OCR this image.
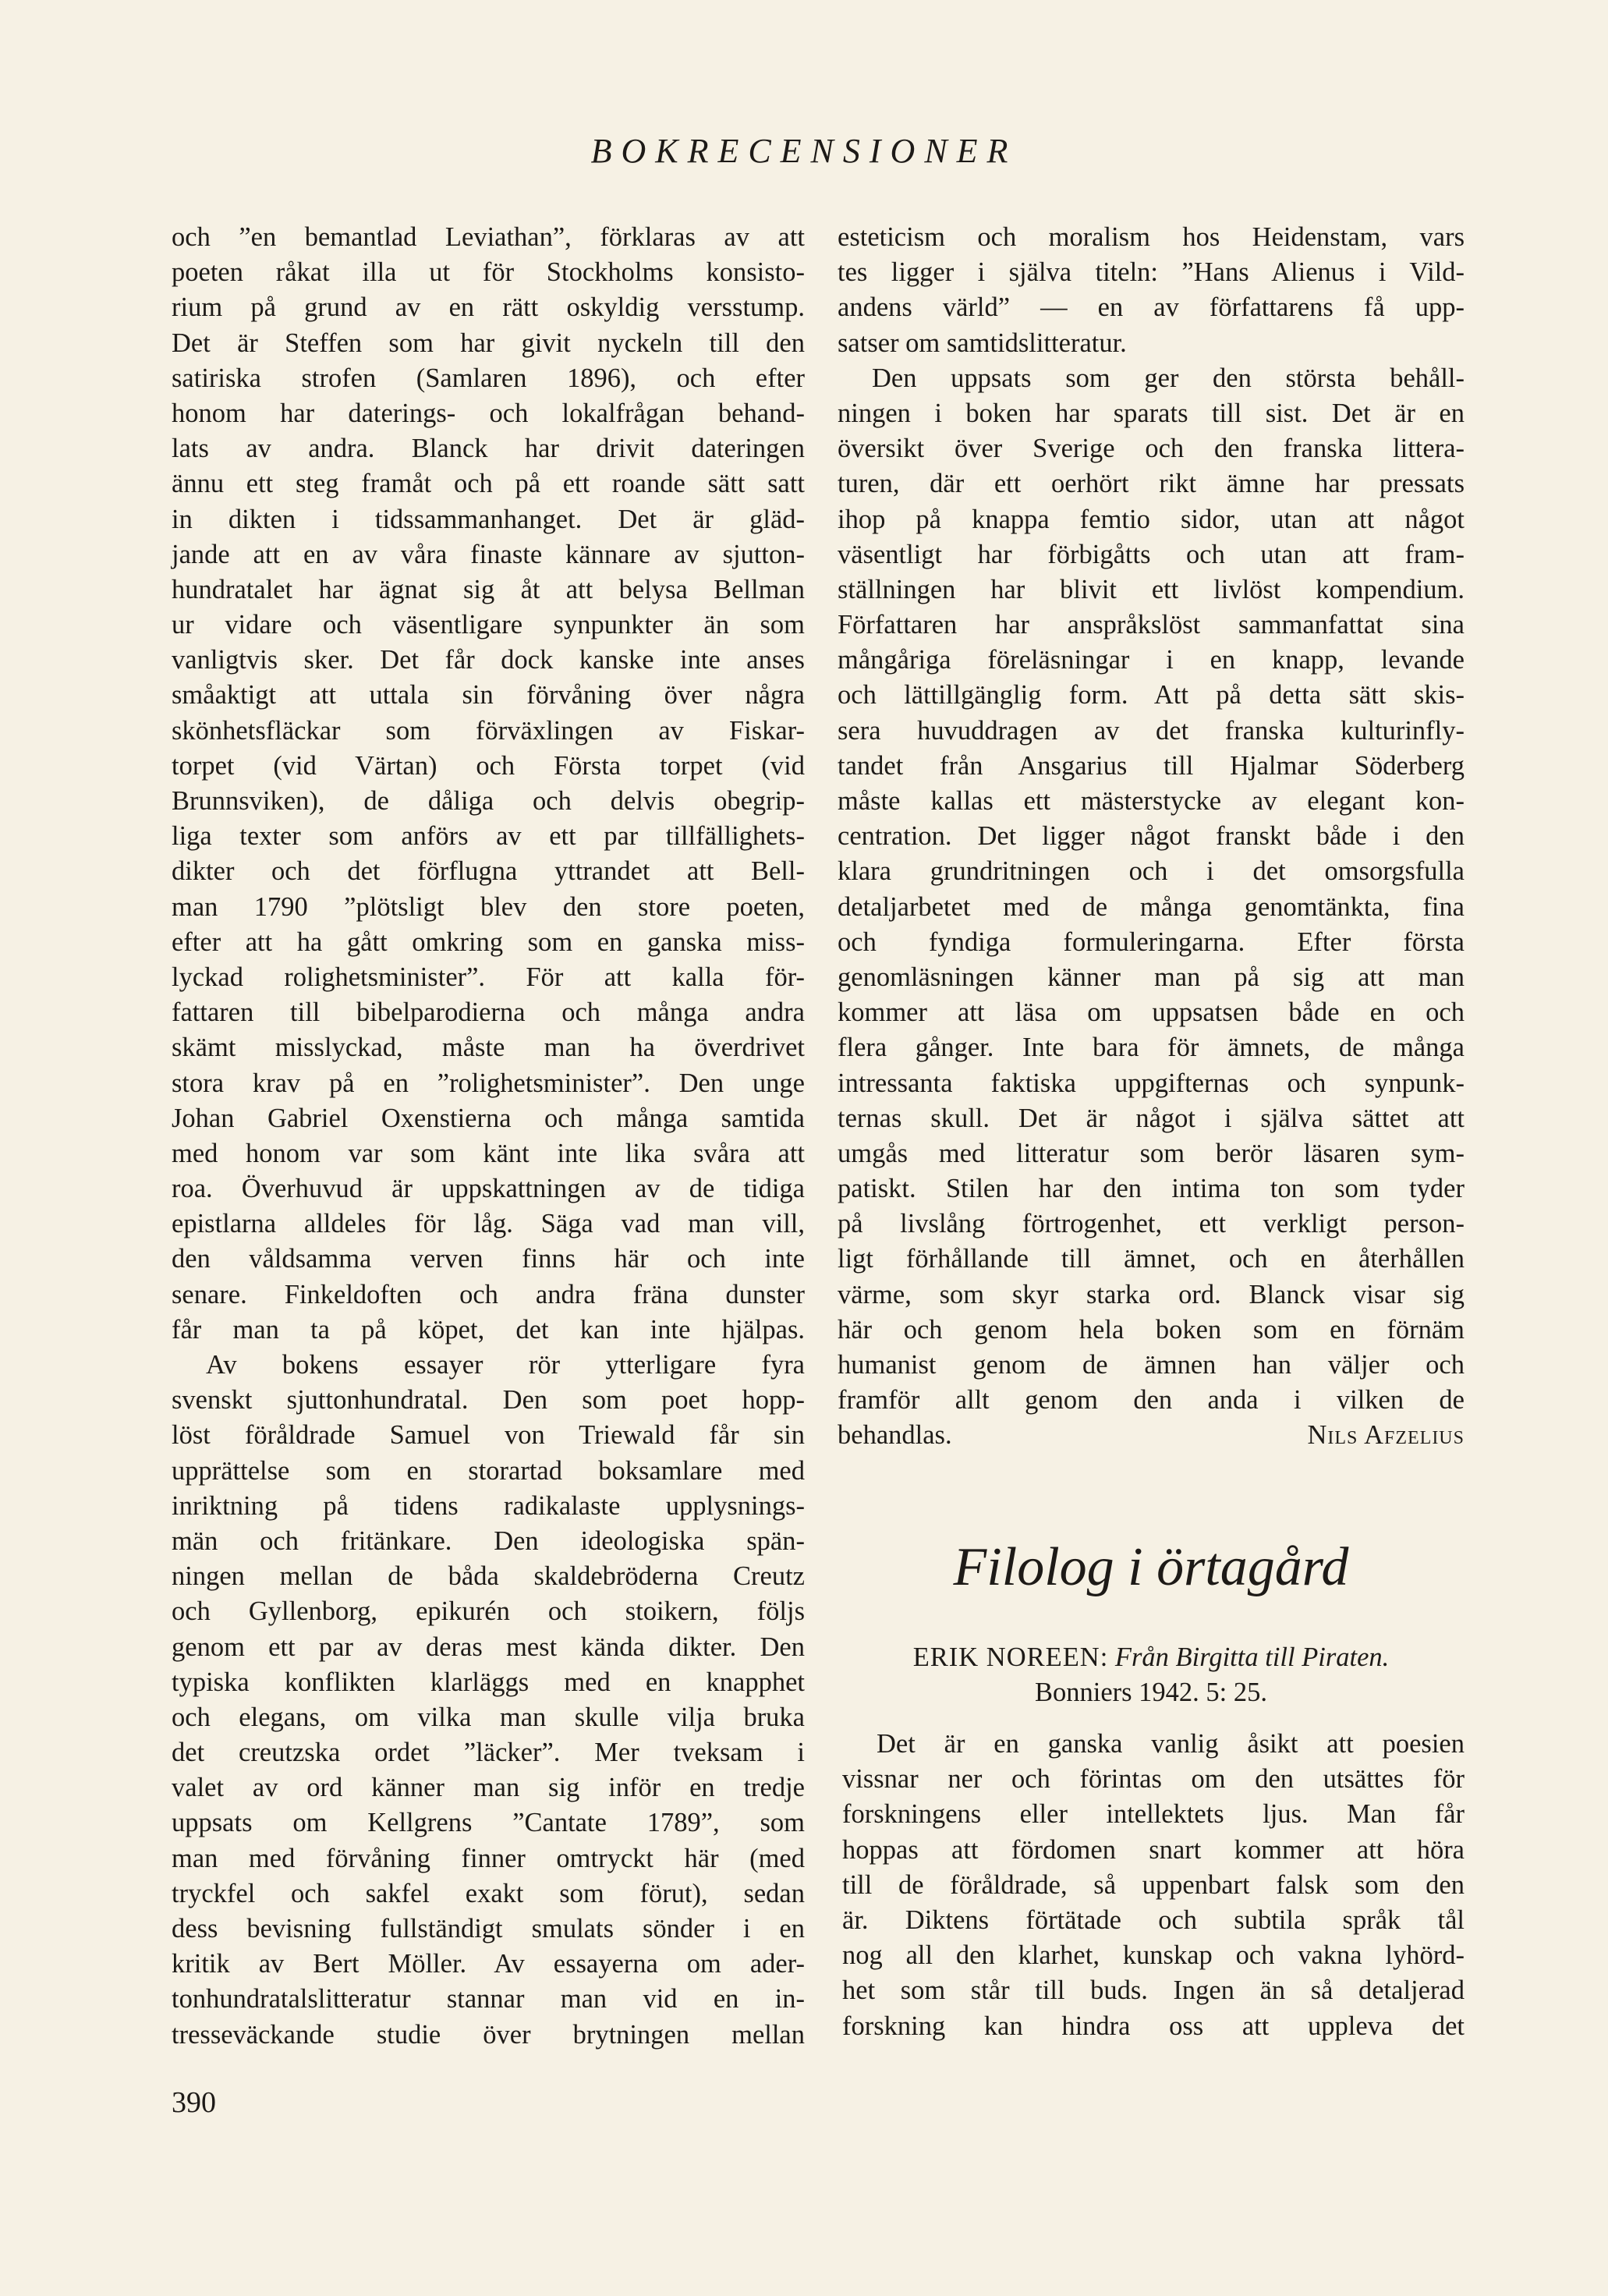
BOKRECENSIONER
och ”en bemantlad Leviathan”, förklaras av att
poeten råkat illa ut för Stockholms konsisto-
rium på grund av en rätt oskyldig versstump.
Det är Steffen som har givit nyckeln till den
satiriska strofen (Samlaren 1896), och efter
honom har daterings- och lokalfrågan behand-
lats av andra. Blanck har drivit dateringen
ännu ett steg framåt och på ett roande sätt satt
in dikten i tidssammanhanget. Det är gläd-
jande att en av våra finaste kännare av sjutton-
hundratalet har ägnat sig åt att belysa Bellman
ur vidare och väsentligare synpunkter än som
vanligtvis sker. Det får dock kanske inte anses
småaktigt att uttala sin förvåning över några
skönhetsfläckar som förväxlingen av Fiskar-
torpet (vid Värtan) och Första torpet (vid
Brunnsviken), de dåliga och delvis obegrip-
liga texter som anförs av ett par tillfällighets-
dikter och det förflugna yttrandet att Bell-
man 1790 ”plötsligt blev den store poeten,
efter att ha gått omkring som en ganska miss-
lyckad rolighetsminister”. För att kalla för-
fattaren till bibelparodierna och många andra
skämt misslyckad, måste man ha överdrivet
stora krav på en ”rolighetsminister”. Den unge
Johan Gabriel Oxenstierna och många samtida
med honom var som känt inte lika svåra att
roa. Överhuvud är uppskattningen av de tidiga
epistlarna alldeles för låg. Säga vad man vill,
den våldsamma verven finns här och inte
senare. Finkeldoften och andra fräna dunster
får man ta på köpet, det kan inte hjälpas.
Av bokens essayer rör ytterligare fyra
svenskt sjuttonhundratal. Den som poet hopp-
löst föråldrade Samuel von Triewald får sin
upprättelse som en storartad boksamlare med
inriktning på tidens radikalaste upplysnings-
män och fritänkare. Den ideologiska spän-
ningen mellan de båda skaldebröderna Creutz
och Gyllenborg, epikurén och stoikern, följs
genom ett par av deras mest kända dikter. Den
typiska konflikten klarläggs med en knapphet
och elegans, om vilka man skulle vilja bruka
det creutzska ordet ”läcker”. Mer tveksam i
valet av ord känner man sig inför en tredje
uppsats om Kellgrens ”Cantate 1789”, som
man med förvåning finner omtryckt här (med
tryckfel och sakfel exakt som förut), sedan
dess bevisning fullständigt smulats sönder i en
kritik av Bert Möller. Av essayerna om ader-
tonhundratalslitteratur stannar man vid en in-
tresseväckande studie över brytningen mellan
esteticism och moralism hos Heidenstam, vars
tes ligger i själva titeln: ”Hans Alienus i Vild-
andens värld” — en av författarens få upp-
satser om samtidslitteratur.
Den uppsats som ger den största behåll-
ningen i boken har sparats till sist. Det är en
översikt över Sverige och den franska littera-
turen, där ett oerhört rikt ämne har pressats
ihop på knappa femtio sidor, utan att något
väsentligt har förbigåtts och utan att fram-
ställningen har blivit ett livlöst kompendium.
Författaren har anspråkslöst sammanfattat sina
mångåriga föreläsningar i en knapp, levande
och lättillgänglig form. Att på detta sätt skis-
sera huvuddragen av det franska kulturinfly-
tandet från Ansgarius till Hjalmar Söderberg
måste kallas ett mästerstycke av elegant kon-
centration. Det ligger något franskt både i den
klara grundritningen och i det omsorgsfulla
detaljarbetet med de många genomtänkta, fina
och fyndiga formuleringarna. Efter första
genomläsningen känner man på sig att man
kommer att läsa om uppsatsen både en och
flera gånger. Inte bara för ämnets, de många
intressanta faktiska uppgifternas och synpunk-
ternas skull. Det är något i själva sättet att
umgås med litteratur som berör läsaren sym-
patiskt. Stilen har den intima ton som tyder
på livslång förtrogenhet, ett verkligt person-
ligt förhållande till ämnet, och en återhållen
värme, som skyr starka ord. Blanck visar sig
här och genom hela boken som en förnäm
humanist genom de ämnen han väljer och
framför allt genom den anda i vilken de
behandlas.	Nils Afzelius
Filolog i örtagård
ERIK NOREEN: Från Birgitta till Piraten.
Bonniers 1942. 5: 25.
Det är en ganska vanlig åsikt att poesien
vissnar ner och förintas om den utsättes för
forskningens eller intellektets ljus. Man får
hoppas att fördomen snart kommer att höra
till de föråldrade, så uppenbart falsk som den
är. Diktens förtätade och subtila språk tål
nog all den klarhet, kunskap och vakna lyhörd-
het som står till buds. Ingen än så detaljerad
forskning kan hindra oss att uppleva det
390
